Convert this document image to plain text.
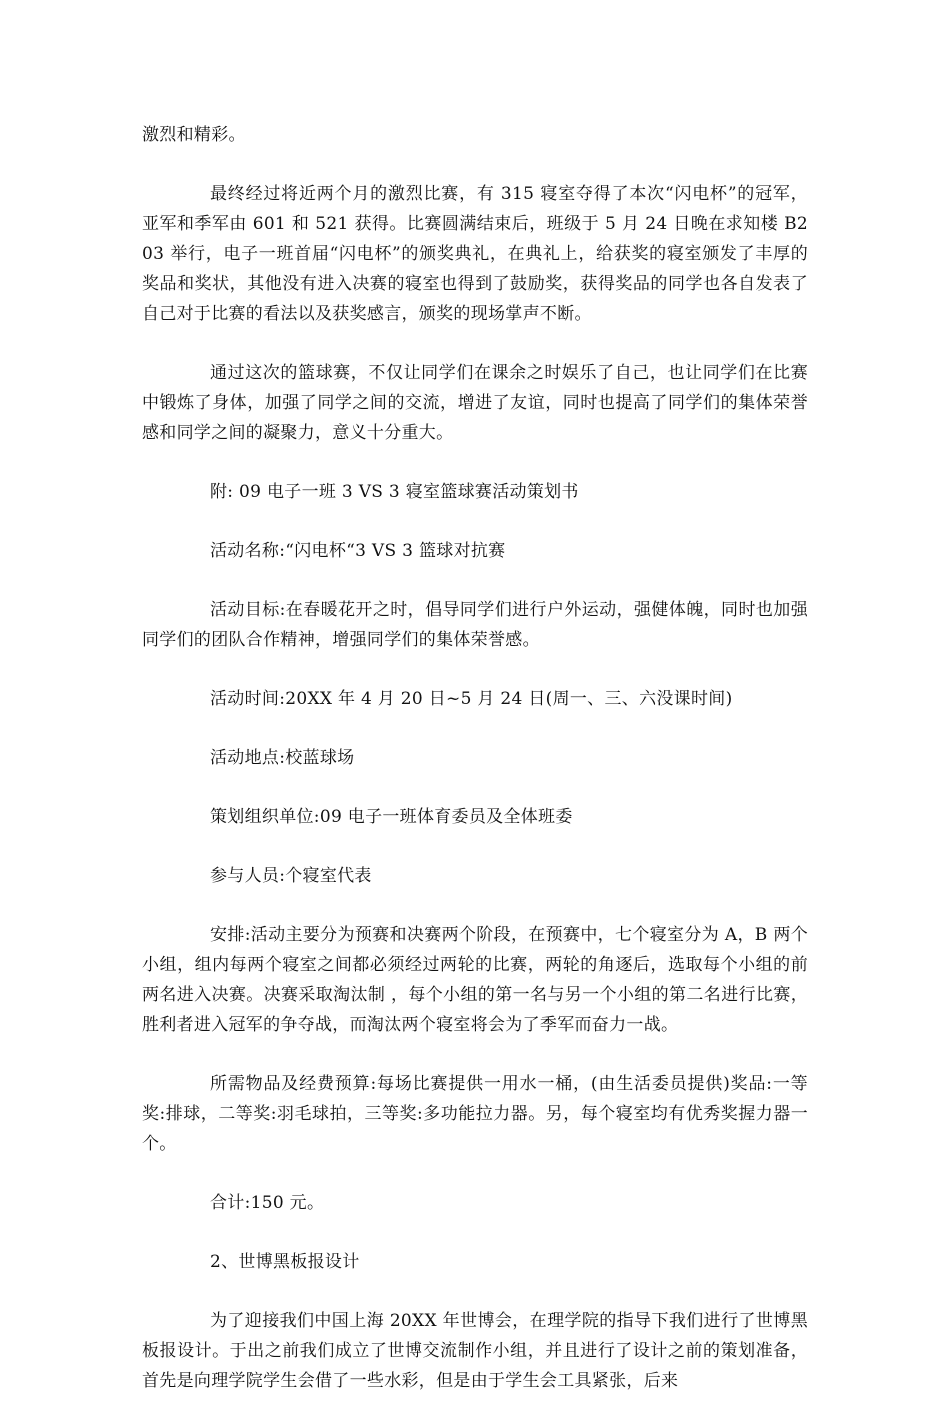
激烈和精彩。

最终经过将近两个月的激烈比赛，有 315 寝室夺得了本次“闪电杯”的冠军，亚军和季军由 601 和 521 获得。比赛圆满结束后，班级于 5 月 24 日晚在求知楼 B203 举行，电子一班首届“闪电杯”的颁奖典礼，在典礼上，给获奖的寝室颁发了丰厚的奖品和奖状，其他没有进入决赛的寝室也得到了鼓励奖，获得奖品的同学也各自发表了自己对于比赛的看法以及获奖感言，颁奖的现场掌声不断。

通过这次的篮球赛，不仅让同学们在课余之时娱乐了自己，也让同学们在比赛中锻炼了身体，加强了同学之间的交流，增进了友谊，同时也提高了同学们的集体荣誉感和同学之间的凝聚力，意义十分重大。

附: 09 电子一班 3 VS 3 寝室篮球赛活动策划书

活动名称:“闪电杯“3 VS 3 篮球对抗赛

活动目标:在春暖花开之时，倡导同学们进行户外运动，强健体魄，同时也加强同学们的团队合作精神，增强同学们的集体荣誉感。

活动时间:20XX 年 4 月 20 日~5 月 24 日(周一、三、六没课时间)

活动地点:校蓝球场

策划组织单位:09 电子一班体育委员及全体班委

参与人员:个寝室代表

安排:活动主要分为预赛和决赛两个阶段，在预赛中，七个寝室分为 A，B 两个小组，组内每两个寝室之间都必须经过两轮的比赛，两轮的角逐后，选取每个小组的前两名进入决赛。决赛采取淘汰制 ，每个小组的第一名与另一个小组的第二名进行比赛，胜利者进入冠军的争夺战，而淘汰两个寝室将会为了季军而奋力一战。

所需物品及经费预算:每场比赛提供一用水一桶，(由生活委员提供)奖品:一等奖:排球，二等奖:羽毛球拍，三等奖:多功能拉力器。另，每个寝室均有优秀奖握力器一个。

合计:150 元。

2、世博黑板报设计

为了迎接我们中国上海 20XX 年世博会，在理学院的指导下我们进行了世博黑板报设计。于出之前我们成立了世博交流制作小组，并且进行了设计之前的策划准备，首先是向理学院学生会借了一些水彩，但是由于学生会工具紧张，后来
